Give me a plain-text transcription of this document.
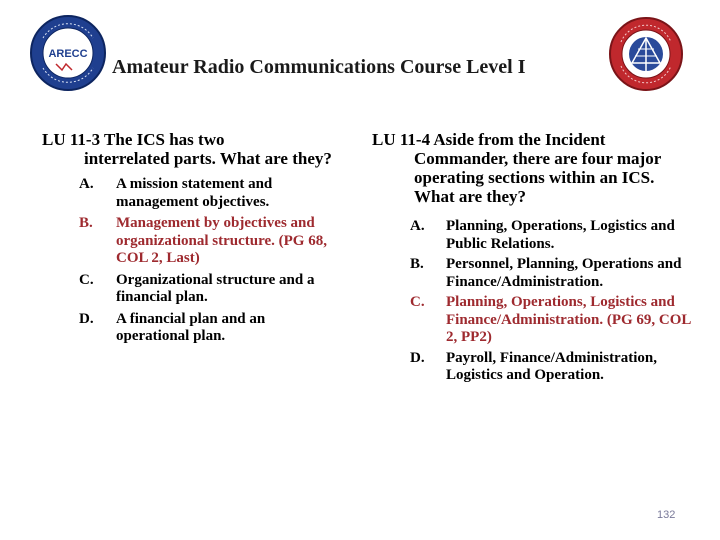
ARECC
Amateur Radio Communications Course Level I

LU 11-3 The ICS has two
interrelated parts. What are they?

A. A mission statement and management objectives.
B. Management by objectives and organizational structure. (PG 68, COL 2, Last)
C. Organizational structure and a financial plan.
D. A financial plan and an operational plan.

LU 11-4 Aside from the Incident
Commander, there are four major operating sections within an ICS. What are they?

A. Planning, Operations, Logistics and Public Relations.
B. Personnel, Planning, Operations and Finance/Administration.
C. Planning, Operations, Logistics and Finance/Administration. (PG 69, COL 2, PP2)
D. Payroll, Finance/Administration, Logistics and Operation.
132
